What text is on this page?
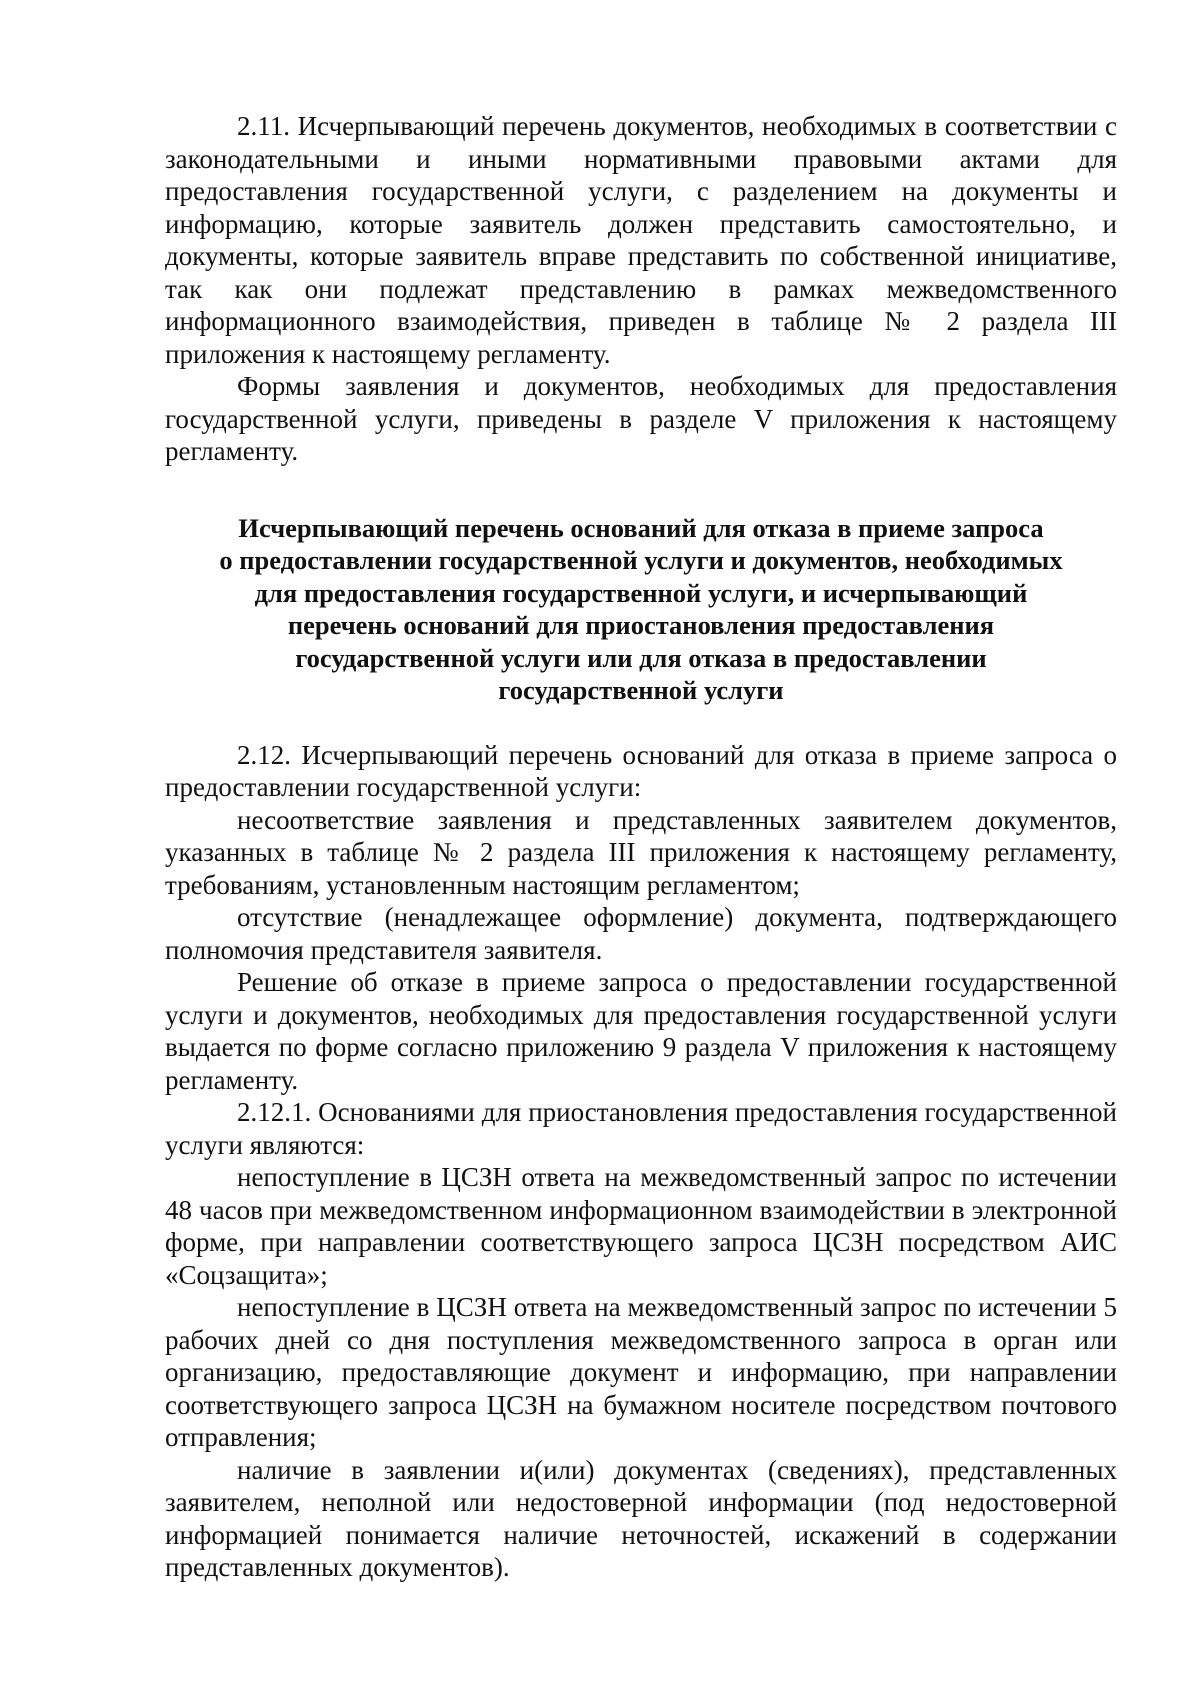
2.11. Исчерпывающий перечень документов, необходимых в соответствии с законодательными и иными нормативными правовыми актами для предоставления государственной услуги, с разделением на документы и информацию, которые заявитель должен представить самостоятельно, и документы, которые заявитель вправе представить по собственной инициативе, так как они подлежат представлению в рамках межведомственного информационного взаимодействия, приведен в таблице № 2 раздела III приложения к настоящему регламенту.

Формы заявления и документов, необходимых для предоставления государственной услуги, приведены в разделе V приложения к настоящему регламенту.

Исчерпывающий перечень оснований для отказа в приеме запроса
о предоставлении государственной услуги и документов, необходимых
для предоставления государственной услуги, и исчерпывающий
перечень оснований для приостановления предоставления
государственной услуги или для отказа в предоставлении
государственной услуги

2.12. Исчерпывающий перечень оснований для отказа в приеме запроса о предоставлении государственной услуги:

несоответствие заявления и представленных заявителем документов, указанных в таблице № 2 раздела III приложения к настоящему регламенту, требованиям, установленным настоящим регламентом;

отсутствие (ненадлежащее оформление) документа, подтверждающего полномочия представителя заявителя.

Решение об отказе в приеме запроса о предоставлении государственной услуги и документов, необходимых для предоставления государственной услуги выдается по форме согласно приложению 9 раздела V приложения к настоящему регламенту.

2.12.1. Основаниями для приостановления предоставления государственной услуги являются:

непоступление в ЦСЗН ответа на межведомственный запрос по истечении 48 часов при межведомственном информационном взаимодействии в электронной форме, при направлении соответствующего запроса ЦСЗН посредством АИС «Соцзащита»;

непоступление в ЦСЗН ответа на межведомственный запрос по истечении 5 рабочих дней со дня поступления межведомственного запроса в орган или организацию, предоставляющие документ и информацию, при направлении соответствующего запроса ЦСЗН на бумажном носителе посредством почтового отправления;

наличие в заявлении и(или) документах (сведениях), представленных заявителем, неполной или недостоверной информации (под недостоверной информацией понимается наличие неточностей, искажений в содержании представленных документов).
